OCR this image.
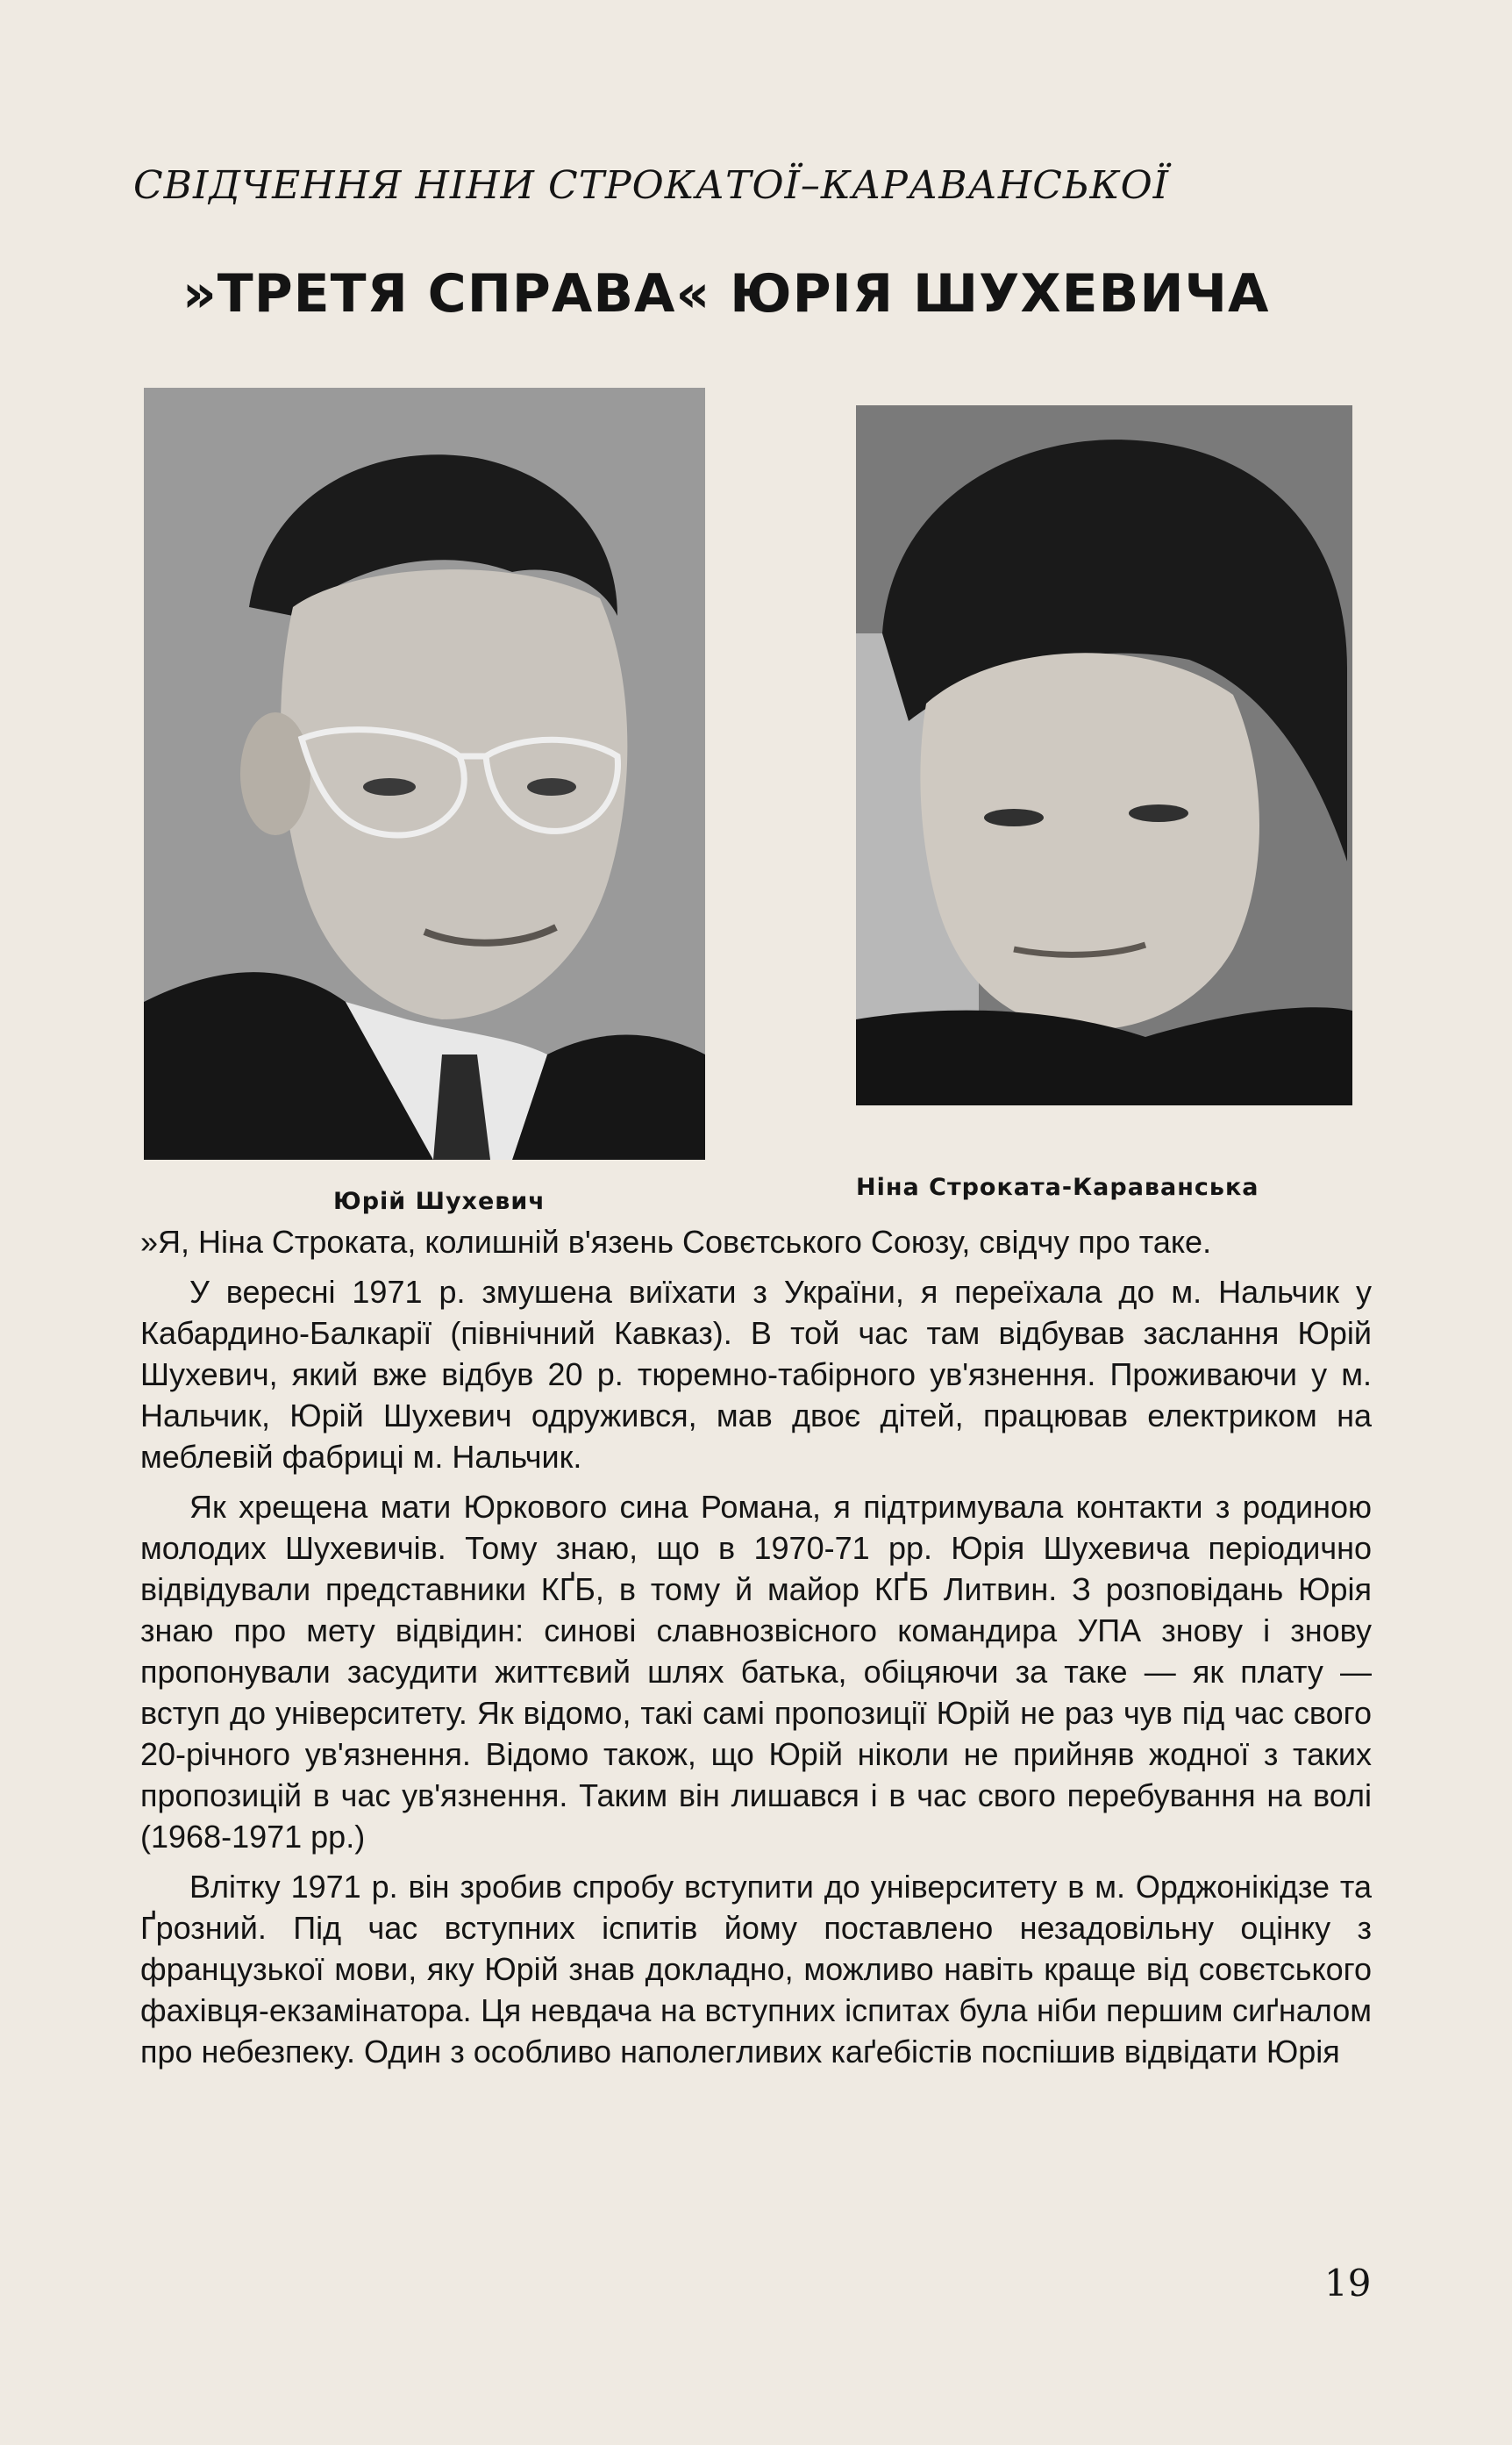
СВІДЧЕННЯ НІНИ СТРОКАТОЇ–КАРАВАНСЬКОЇ
»ТРЕТЯ СПРАВА« ЮРІЯ ШУХЕВИЧА
Юрій Шухевич
Ніна Строката-Караванська

»Я, Ніна Строката, колишній в'язень Совєтського Союзу, свідчу про таке.

У вересні 1971 р. змушена виїхати з України, я переїхала до м. Нальчик у Кабардино-Балкарії (північний Кавказ). В той час там відбував заслання Юрій Шухевич, який вже відбув 20 р. тюремно-табірного ув'язнення. Проживаючи у м. Нальчик, Юрій Шухевич одружився, мав двоє дітей, працював електриком на меблевій фабриці м. Нальчик.

Як хрещена мати Юркового сина Романа, я підтримувала контакти з родиною молодих Шухевичів. Тому знаю, що в 1970-71 рр. Юрія Шухевича періодично відвідували представники КҐБ, в тому й майор КҐБ Литвин. З розповідань Юрія знаю про мету відвідин: синові славнозвісного командира УПА знову і знову пропонували засудити життєвий шлях батька, обіцяючи за таке — як плату — вступ до університету. Як відомо, такі самі пропозиції Юрій не раз чув під час свого 20-річного ув'язнення. Відомо також, що Юрій ніколи не прийняв жодної з таких пропозицій в час ув'язнення. Таким він лишався і в час свого перебування на волі (1968-1971 рр.)

Влітку 1971 р. він зробив спробу вступити до університету в м. Орджонікідзе та Ґрозний. Під час вступних іспитів йому поставлено незадовільну оцінку з французької мови, яку Юрій знав докладно, можливо навіть краще від совєтського фахівця-екзамінатора. Ця невдача на вступних іспитах була ніби першим сиґналом про небезпеку. Один з особливо наполегливих каґебістів поспішив відвідати Юрія

19
